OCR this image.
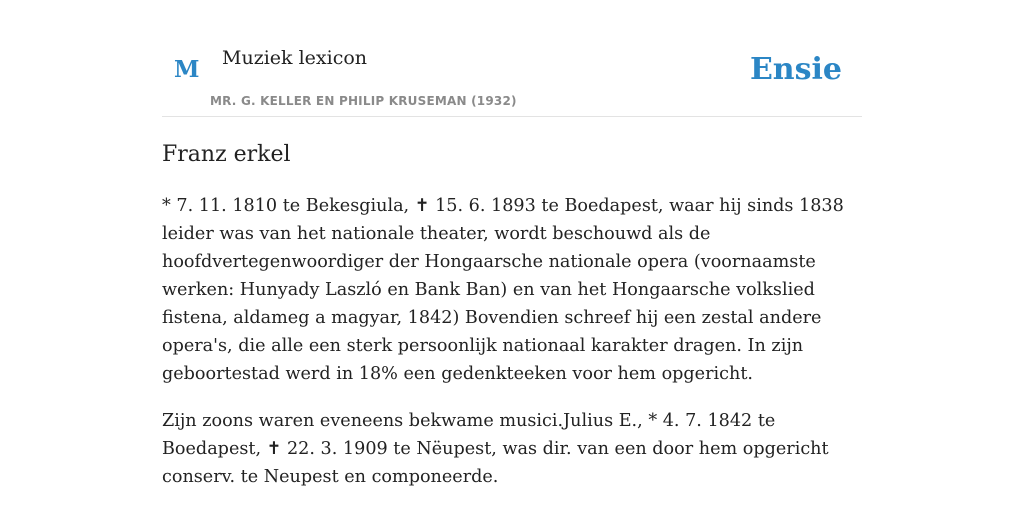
M Muziek lexicon
MR. G. KELLER EN PHILIP KRUSEMAN (1932)
Ensie
Franz erkel

* 7. 11. 1810 te Bekesgiula, ✝ 15. 6. 1893 te Boedapest, waar hij sinds 1838 leider was van het nationale theater, wordt beschouwd als de hoofdvertegenwoordiger der Hongaarsche nationale opera (voornaamste werken: Hunyady Laszló en Bank Ban) en van het Hongaarsche volkslied fistena, aldameg a magyar, 1842) Bovendien schreef hij een zestal andere opera's, die alle een sterk persoonlijk nationaal karakter dragen. In zijn geboortestad werd in 18% een gedenkteeken voor hem opgericht.

Zijn zoons waren eveneens bekwame musici.Julius E., * 4. 7. 1842 te Boedapest, ✝ 22. 3. 1909 te Nëupest, was dir. van een door hem opgericht conserv. te Neupest en componeerde.
